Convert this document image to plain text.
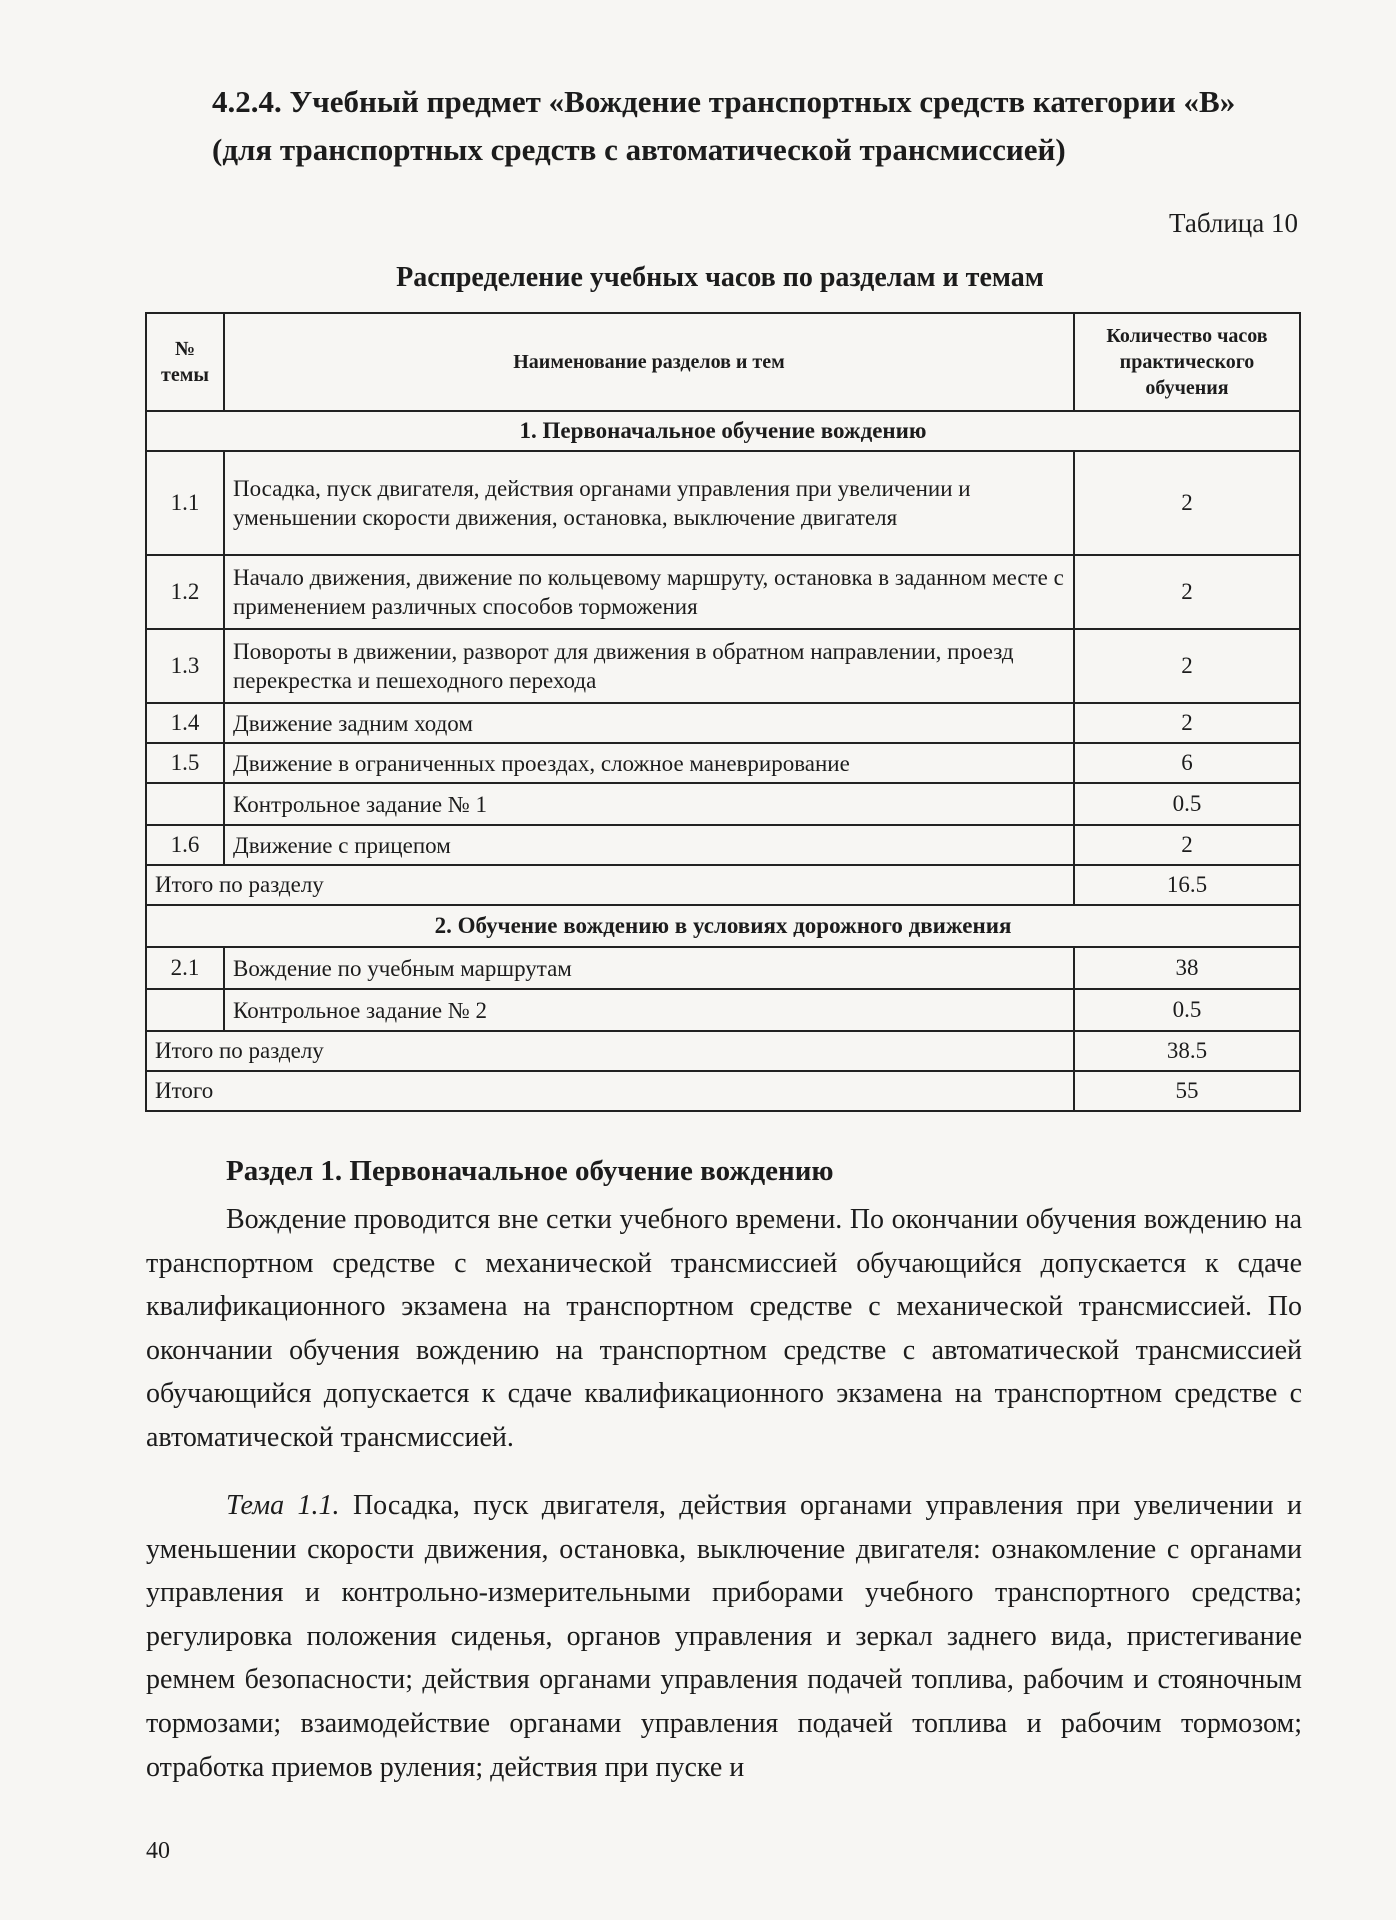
4.2.4. Учебный предмет «Вождение транспортных средств категории «В»
(для транспортных средств с автоматической трансмиссией)
Таблица 10
Распределение учебных часов по разделам и темам
№ темы	Наименование разделов и тем	Количество часов практического обучения
1. Первоначальное обучение вождению		
1.1	Посадка, пуск двигателя, действия органами управления при увеличении и уменьшении скорости движения, остановка, выключение двигателя	2
1.2	Начало движения, движение по кольцевому маршруту, остановка в заданном месте с применением различных способов торможения	2
1.3	Повороты в движении, разворот для движения в обратном направлении, проезд перекрестка и пешеходного перехода	2
1.4	Движение задним ходом	2
1.5	Движение в ограниченных проездах, сложное маневрирование	6
	Контрольное задание № 1	0.5
1.6	Движение с прицепом	2
Итого по разделу		16.5
2. Обучение вождению в условиях дорожного движения		
2.1	Вождение по учебным маршрутам	38
	Контрольное задание № 2	0.5
Итого по разделу		38.5
Итого		55
Раздел 1. Первоначальное обучение вождению

Вождение проводится вне сетки учебного времени. По окончании обучения вождению на транспортном средстве с механической трансмиссией обучающийся допускается к сдаче квалификационного экзамена на транспортном средстве с механической трансмиссией. По окончании обучения вождению на транспортном средстве с автоматической трансмиссией обучающийся допускается к сдаче квалификационного экзамена на транспортном средстве с автоматической трансмиссией.

Тема 1.1. Посадка, пуск двигателя, действия органами управления при увеличении и уменьшении скорости движения, остановка, выключение двигателя: ознакомление с органами управления и контрольно-измерительными приборами учебного транспортного средства; регулировка положения сиденья, органов управления и зеркал заднего вида, пристегивание ремнем безопасности; действия органами управления подачей топлива, рабочим и стояночным тормозами; взаимодействие органами управления подачей топлива и рабочим тормозом; отработка приемов руления; действия при пуске и

40
